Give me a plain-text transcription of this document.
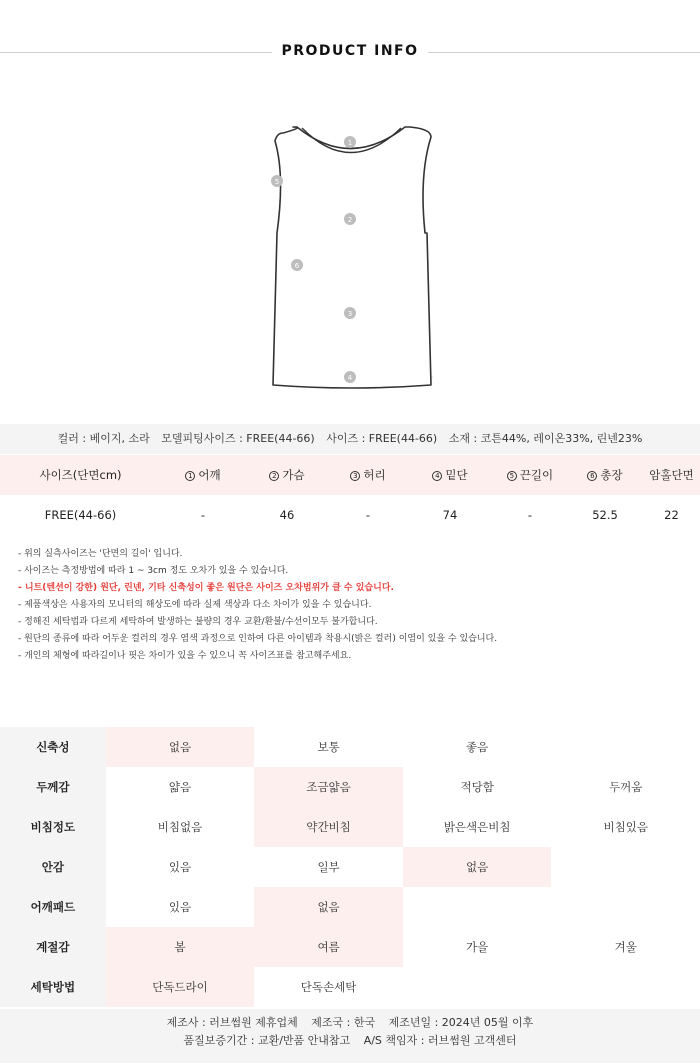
PRODUCT INFO
1
2
3
4
5
6
컬러 : 베이지, 소라 모델피팅사이즈 : FREE(44-66) 사이즈 : FREE(44-66) 소재 : 코튼44%, 레이온33%, 린넨23%
사이즈(단면cm)	1 어깨	2 가슴	3 허리	4 밑단	5 끈길이	6 총장	암홀단면
FREE(44-66)	-	46	-	74	-	52.5	22
- 위의 실측사이즈는 '단면의 길이' 입니다.
- 사이즈는 측정방법에 따라 1 ~ 3cm 정도 오차가 있을 수 있습니다.
- 니트(텐션이 강한) 원단, 린넨, 기타 신축성이 좋은 원단은 사이즈 오차범위가 클 수 있습니다.
- 제품색상은 사용자의 모니터의 해상도에 따라 실제 색상과 다소 차이가 있을 수 있습니다.
- 정해진 세탁법과 다르게 세탁하여 발생하는 불량의 경우 교환/환불/수선이모두 불가합니다.
- 원단의 종류에 따라 어두운 컬러의 경우 염색 과정으로 인하여 다른 아이템과 착용시(밝은 컬러) 이염이 있을 수 있습니다.
- 개인의 체형에 따라길이나 핏은 차이가 있을 수 있으니 꼭 사이즈표를 참고해주세요.
신축성	없음	보통	좋음
두께감	얇음	조금얇음	적당함	두꺼움
비침정도	비침없음	약간비침	밝은색은비침	비침있음
안감	있음	일부	없음
어깨패드	있음	없음
계절감	봄	여름	가을	겨울
세탁방법	단독드라이	단독손세탁
제조사 : 러브썸원 제휴업체 제조국 : 한국 제조년일 : 2024년 05월 이후
품질보증기간 : 교환/반품 안내참고 A/S 책임자 : 러브썸원 고객센터
